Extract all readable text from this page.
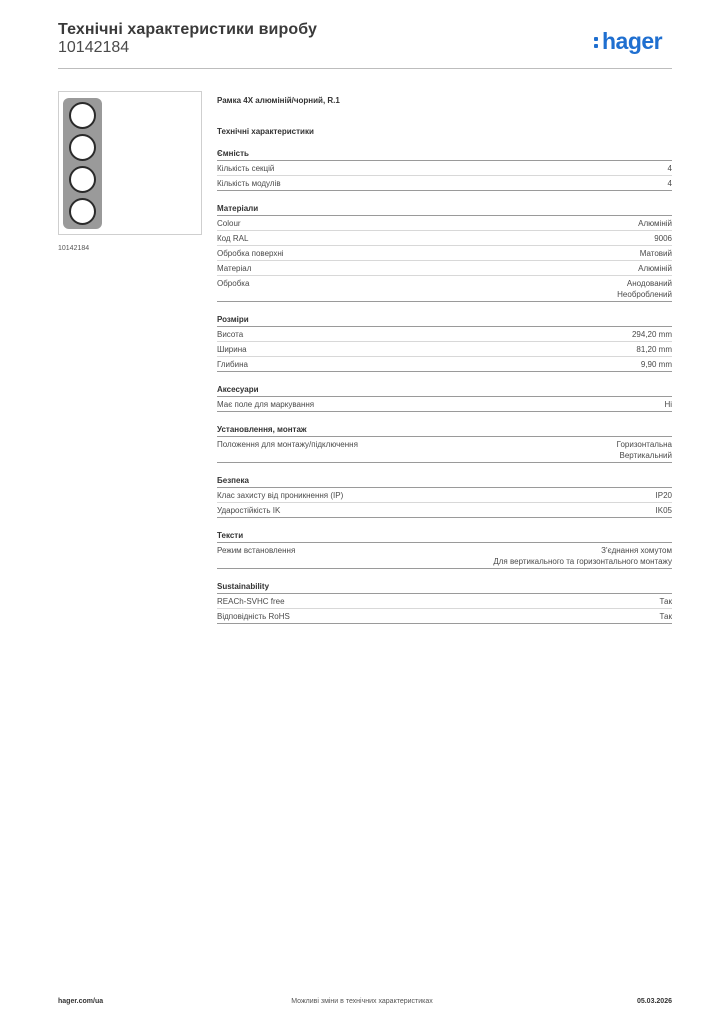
Технічні характеристики виробу
10142184	hager
10142184
Рамка 4X алюміній/чорний, R.1
Технічні характеристики
Ємність
Кількість секцій	4
Кількість модулів	4
Матеріали
Colour	Алюміній
Код RAL	9006
Обробка поверхні	Матовий
Матеріал	Алюміній
Обробка	Анодований
Необроблений
Розміри
Висота	294,20 mm
Ширина	81,20 mm
Глибина	9,90 mm
Аксесуари
Має поле для маркування	Ні
Установлення, монтаж
Положення для монтажу/підключення	Горизонтальна
Вертикальний
Безпека
Клас захисту від проникнення (IP)	IP20
Ударостійкість IK	IK05
Тексти
Режим встановлення	З'єднання хомутом
Для вертикального та горизонтального монтажу
Sustainability
REACh-SVHC free	Так
Відповідність RoHS	Так
hager.com/ua	Можливі зміни в технічних характеристиках	05.03.2026
